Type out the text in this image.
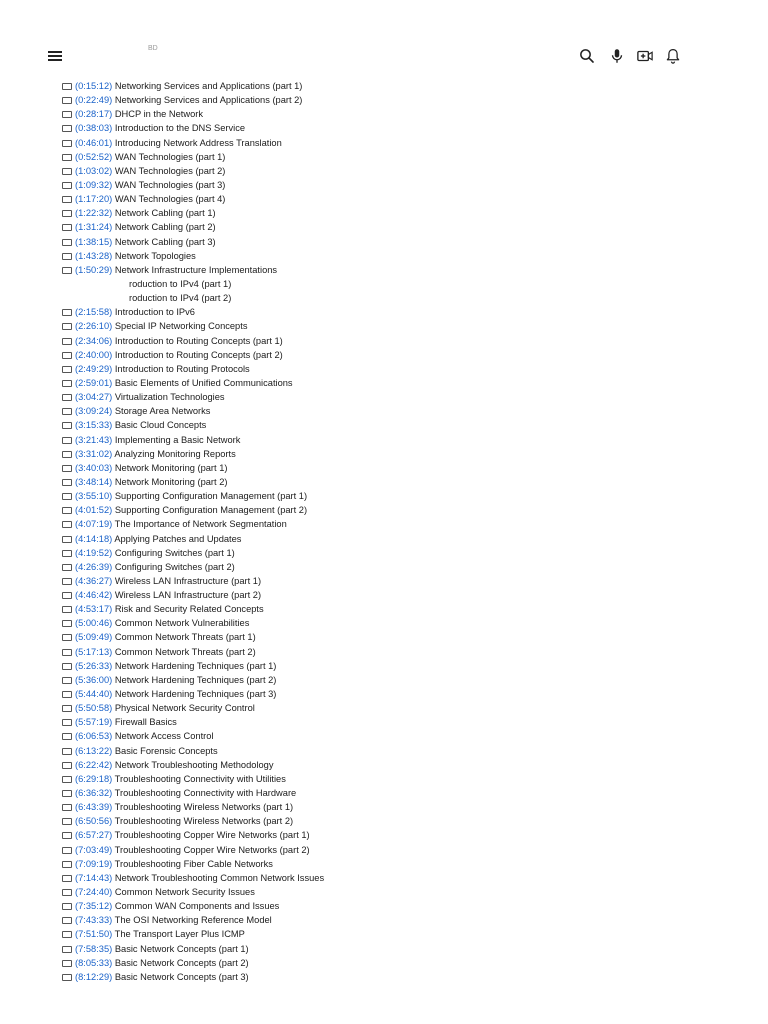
BD
(0:15:12) Networking Services and Applications (part 1)
(0:22:49) Networking Services and Applications (part 2)
(0:28:17) DHCP in the Network
(0:38:03) Introduction to the DNS Service
(0:46:01) Introducing Network Address Translation
(0:52:52) WAN Technologies (part 1)
(1:03:02) WAN Technologies (part 2)
(1:09:32) WAN Technologies (part 3)
(1:17:20) WAN Technologies (part 4)
(1:22:32) Network Cabling (part 1)
(1:31:24) Network Cabling (part 2)
(1:38:15) Network Cabling (part 3)
(1:43:28) Network Topologies
(1:50:29) Network Infrastructure Implementations
roduction to IPv4 (part 1)
roduction to IPv4 (part 2)
(2:15:58) Introduction to IPv6
(2:26:10) Special IP Networking Concepts
(2:34:06) Introduction to Routing Concepts (part 1)
(2:40:00) Introduction to Routing Concepts (part 2)
(2:49:29) Introduction to Routing Protocols
(2:59:01) Basic Elements of Unified Communications
(3:04:27) Virtualization Technologies
(3:09:24) Storage Area Networks
(3:15:33) Basic Cloud Concepts
(3:21:43) Implementing a Basic Network
(3:31:02) Analyzing Monitoring Reports
(3:40:03) Network Monitoring (part 1)
(3:48:14) Network Monitoring (part 2)
(3:55:10) Supporting Configuration Management (part 1)
(4:01:52) Supporting Configuration Management (part 2)
(4:07:19) The Importance of Network Segmentation
(4:14:18) Applying Patches and Updates
(4:19:52) Configuring Switches (part 1)
(4:26:39) Configuring Switches (part 2)
(4:36:27) Wireless LAN Infrastructure (part 1)
(4:46:42) Wireless LAN Infrastructure (part 2)
(4:53:17) Risk and Security Related Concepts
(5:00:46) Common Network Vulnerabilities
(5:09:49) Common Network Threats (part 1)
(5:17:13) Common Network Threats (part 2)
(5:26:33) Network Hardening Techniques (part 1)
(5:36:00) Network Hardening Techniques (part 2)
(5:44:40) Network Hardening Techniques (part 3)
(5:50:58) Physical Network Security Control
(5:57:19) Firewall Basics
(6:06:53) Network Access Control
(6:13:22) Basic Forensic Concepts
(6:22:42) Network Troubleshooting Methodology
(6:29:18) Troubleshooting Connectivity with Utilities
(6:36:32) Troubleshooting Connectivity with Hardware
(6:43:39) Troubleshooting Wireless Networks (part 1)
(6:50:56) Troubleshooting Wireless Networks (part 2)
(6:57:27) Troubleshooting Copper Wire Networks (part 1)
(7:03:49) Troubleshooting Copper Wire Networks (part 2)
(7:09:19) Troubleshooting Fiber Cable Networks
(7:14:43) Network Troubleshooting Common Network Issues
(7:24:40) Common Network Security Issues
(7:35:12) Common WAN Components and Issues
(7:43:33) The OSI Networking Reference Model
(7:51:50) The Transport Layer Plus ICMP
(7:58:35) Basic Network Concepts (part 1)
(8:05:33) Basic Network Concepts (part 2)
(8:12:29) Basic Network Concepts (part 3)
